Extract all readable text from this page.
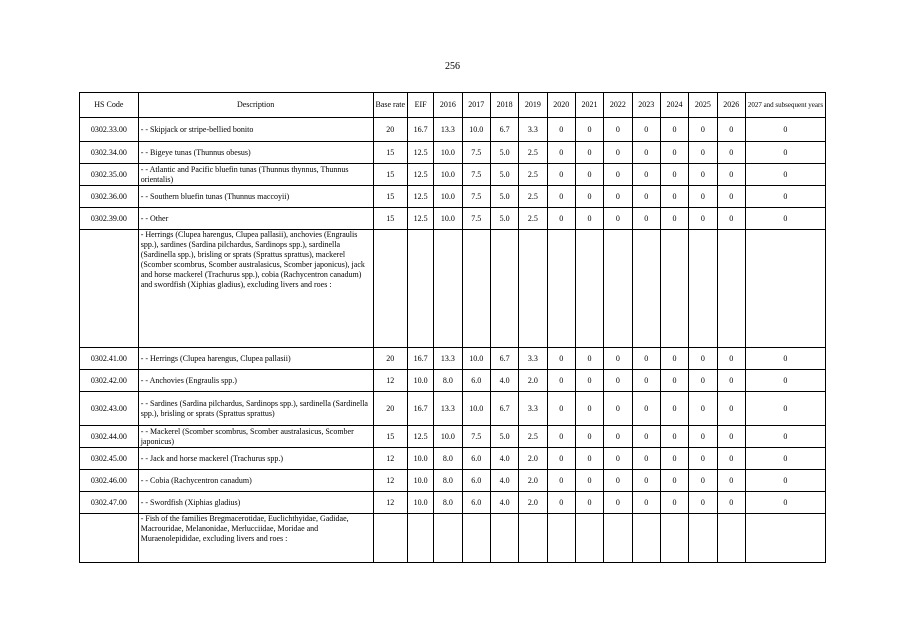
256
HS Code	Description	Base rate	EIF	2016	2017	2018	2019	2020	2021	2022	2023	2024	2025	2026	2027 and subsequent years
0302.33.00	- - Skipjack or stripe-bellied bonito	20	16.7	13.3	10.0	6.7	3.3	0	0	0	0	0	0	0	0
0302.34.00	- - Bigeye tunas (Thunnus obesus)	15	12.5	10.0	7.5	5.0	2.5	0	0	0	0	0	0	0	0
0302.35.00	- - Atlantic and Pacific bluefin tunas (Thunnus thynnus, Thunnus orientalis)	15	12.5	10.0	7.5	5.0	2.5	0	0	0	0	0	0	0	0
0302.36.00	- - Southern bluefin tunas (Thunnus maccoyii)	15	12.5	10.0	7.5	5.0	2.5	0	0	0	0	0	0	0	0
0302.39.00	- - Other	15	12.5	10.0	7.5	5.0	2.5	0	0	0	0	0	0	0	0
	- Herrings (Clupea harengus, Clupea pallasii), anchovies (Engraulis spp.), sardines (Sardina pilchardus, Sardinops spp.), sardinella (Sardinella spp.), brisling or sprats (Sprattus sprattus), mackerel (Scomber scombrus, Scomber australasicus, Scomber japonicus), jack and horse mackerel (Trachurus spp.), cobia (Rachycentron canadum) and swordfish (Xiphias gladius), excluding livers and roes :														
0302.41.00	- - Herrings (Clupea harengus, Clupea pallasii)	20	16.7	13.3	10.0	6.7	3.3	0	0	0	0	0	0	0	0
0302.42.00	- - Anchovies (Engraulis spp.)	12	10.0	8.0	6.0	4.0	2.0	0	0	0	0	0	0	0	0
0302.43.00	- - Sardines (Sardina pilchardus, Sardinops spp.), sardinella (Sardinella spp.), brisling or sprats (Sprattus sprattus)	20	16.7	13.3	10.0	6.7	3.3	0	0	0	0	0	0	0	0
0302.44.00	- - Mackerel (Scomber scombrus, Scomber australasicus, Scomber japonicus)	15	12.5	10.0	7.5	5.0	2.5	0	0	0	0	0	0	0	0
0302.45.00	- - Jack and horse mackerel (Trachurus spp.)	12	10.0	8.0	6.0	4.0	2.0	0	0	0	0	0	0	0	0
0302.46.00	- - Cobia (Rachycentron canadum)	12	10.0	8.0	6.0	4.0	2.0	0	0	0	0	0	0	0	0
0302.47.00	- - Swordfish (Xiphias gladius)	12	10.0	8.0	6.0	4.0	2.0	0	0	0	0	0	0	0	0
	- Fish of the families Bregmacerotidae, Euclichthyidae, Gadidae, Macrouridae, Melanonidae, Merlucciidae, Moridae and Muraenolepididae, excluding livers and roes :														
